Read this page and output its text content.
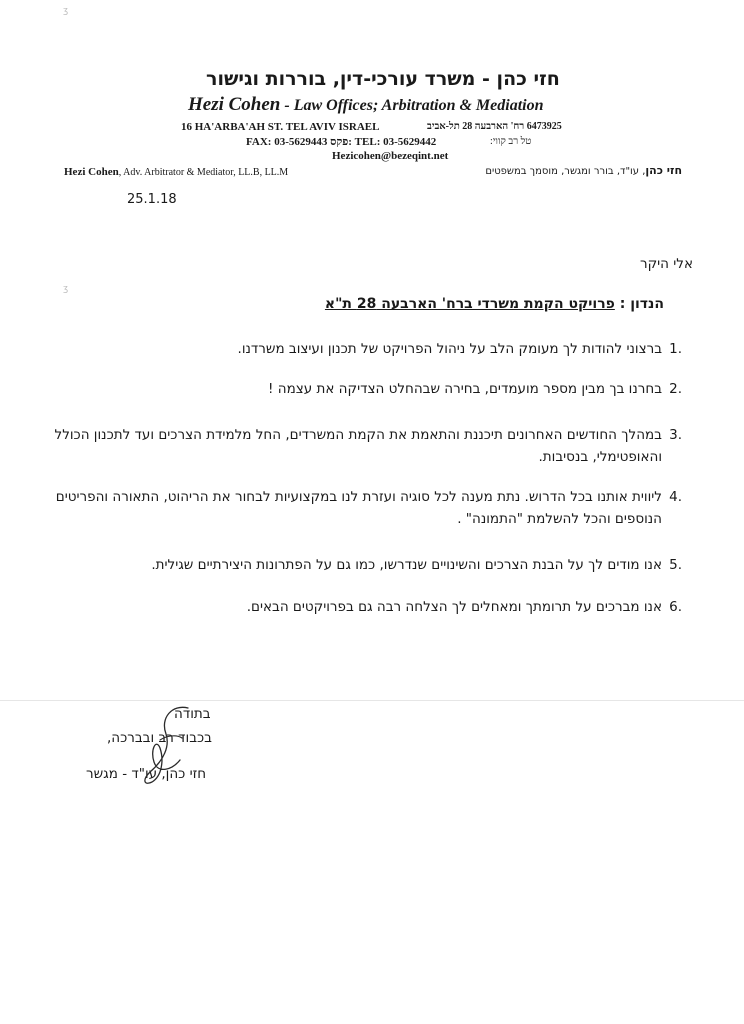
ʒ
ʒ
חזי כהן - משרד עורכי-דין, בוררות וגישור
Hezi Cohen - Law Offices; Arbitration & Mediation
16 HA'ARBA'AH ST. TEL AVIV ISRAEL	6473925 רח' הארבעה 28 תל-אביב
טל רב קווי:
FAX: 03-5629443 פקס: TEL: 03-5629442
Hezicohen@bezeqint.net
Hezi Cohen, Adv. Arbitrator & Mediator, LL.B, LL.M	חזי כהן, עו"ד, בורר ומגשר, מוסמך במשפטים
25.1.18
אלי היקר
הנדון : פרויקט הקמת משרדי ברח' הארבעה 28 ת"א
1.
ברצוני להודות לך מעומק הלב על ניהול הפרויקט של תכנון ועיצוב משרדנו.
2.
בחרנו בך מבין מספר מועמדים, בחירה שבהחלט הצדיקה את עצמה !
3.
במהלך החודשים האחרונים תיכננת והתאמת את הקמת המשרדים, החל מלמידת הצרכים ועד לתכנון הכולל והאופטימלי, בנסיבות.
4.
ליווית אותנו בכל הדרוש. נתת מענה לכל סוגיה ועזרת לנו במקצועיות לבחור את הריהוט, התאורה והפריטים הנוספים והכל להשלמת "התמונה" .
5.
אנו מודים לך על הבנת הצרכים והשינויים שנדרשו, כמו גם על הפתרונות היצירתיים שגילית.
6.
אנו מברכים על תרומתך ומאחלים לך הצלחה רבה גם בפרויקטים הבאים.
בתודה
בכבוד רב ובברכה,
חזי כהן, עו"ד - מגשר
